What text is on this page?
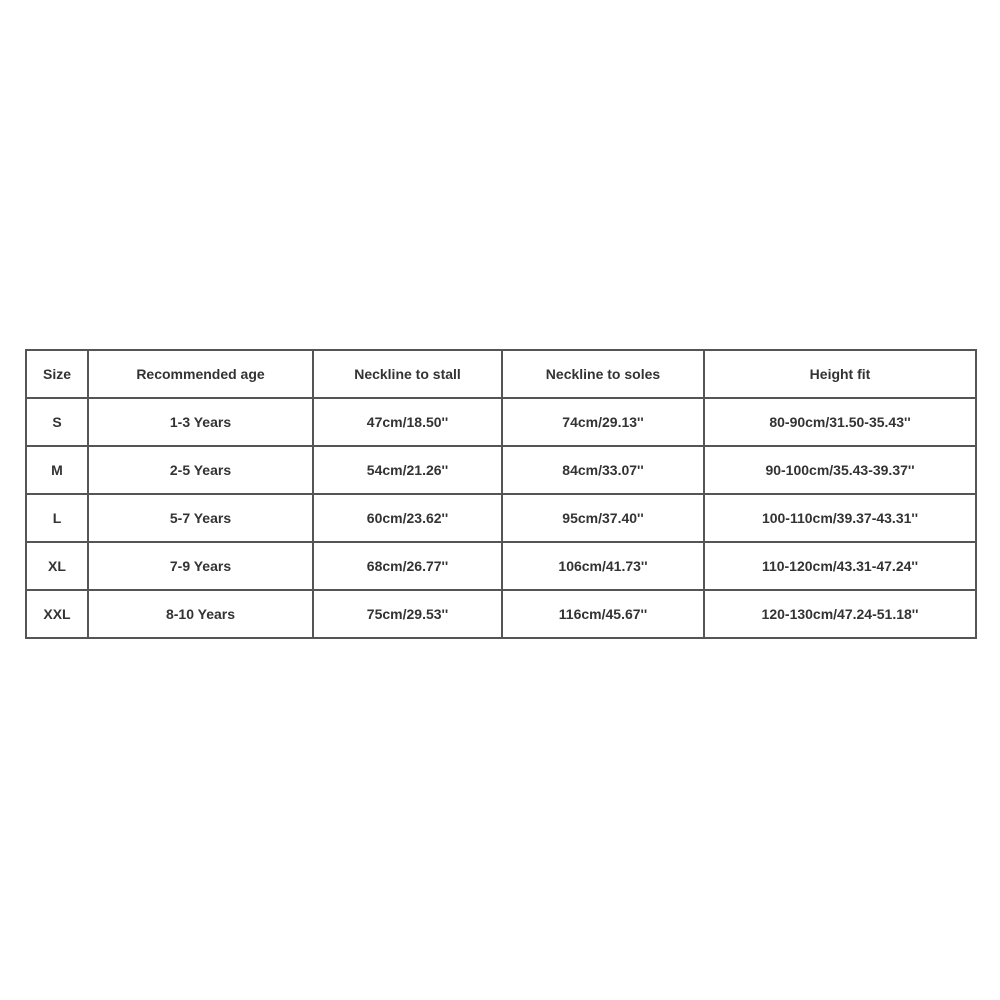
Size	Recommended age	Neckline to stall	Neckline to soles	Height fit
S	1-3 Years	47cm/18.50''	74cm/29.13''	80-90cm/31.50-35.43''
M	2-5 Years	54cm/21.26''	84cm/33.07''	90-100cm/35.43-39.37''
L	5-7 Years	60cm/23.62''	95cm/37.40''	100-110cm/39.37-43.31''
XL	7-9 Years	68cm/26.77''	106cm/41.73''	110-120cm/43.31-47.24''
XXL	8-10 Years	75cm/29.53''	116cm/45.67''	120-130cm/47.24-51.18''
